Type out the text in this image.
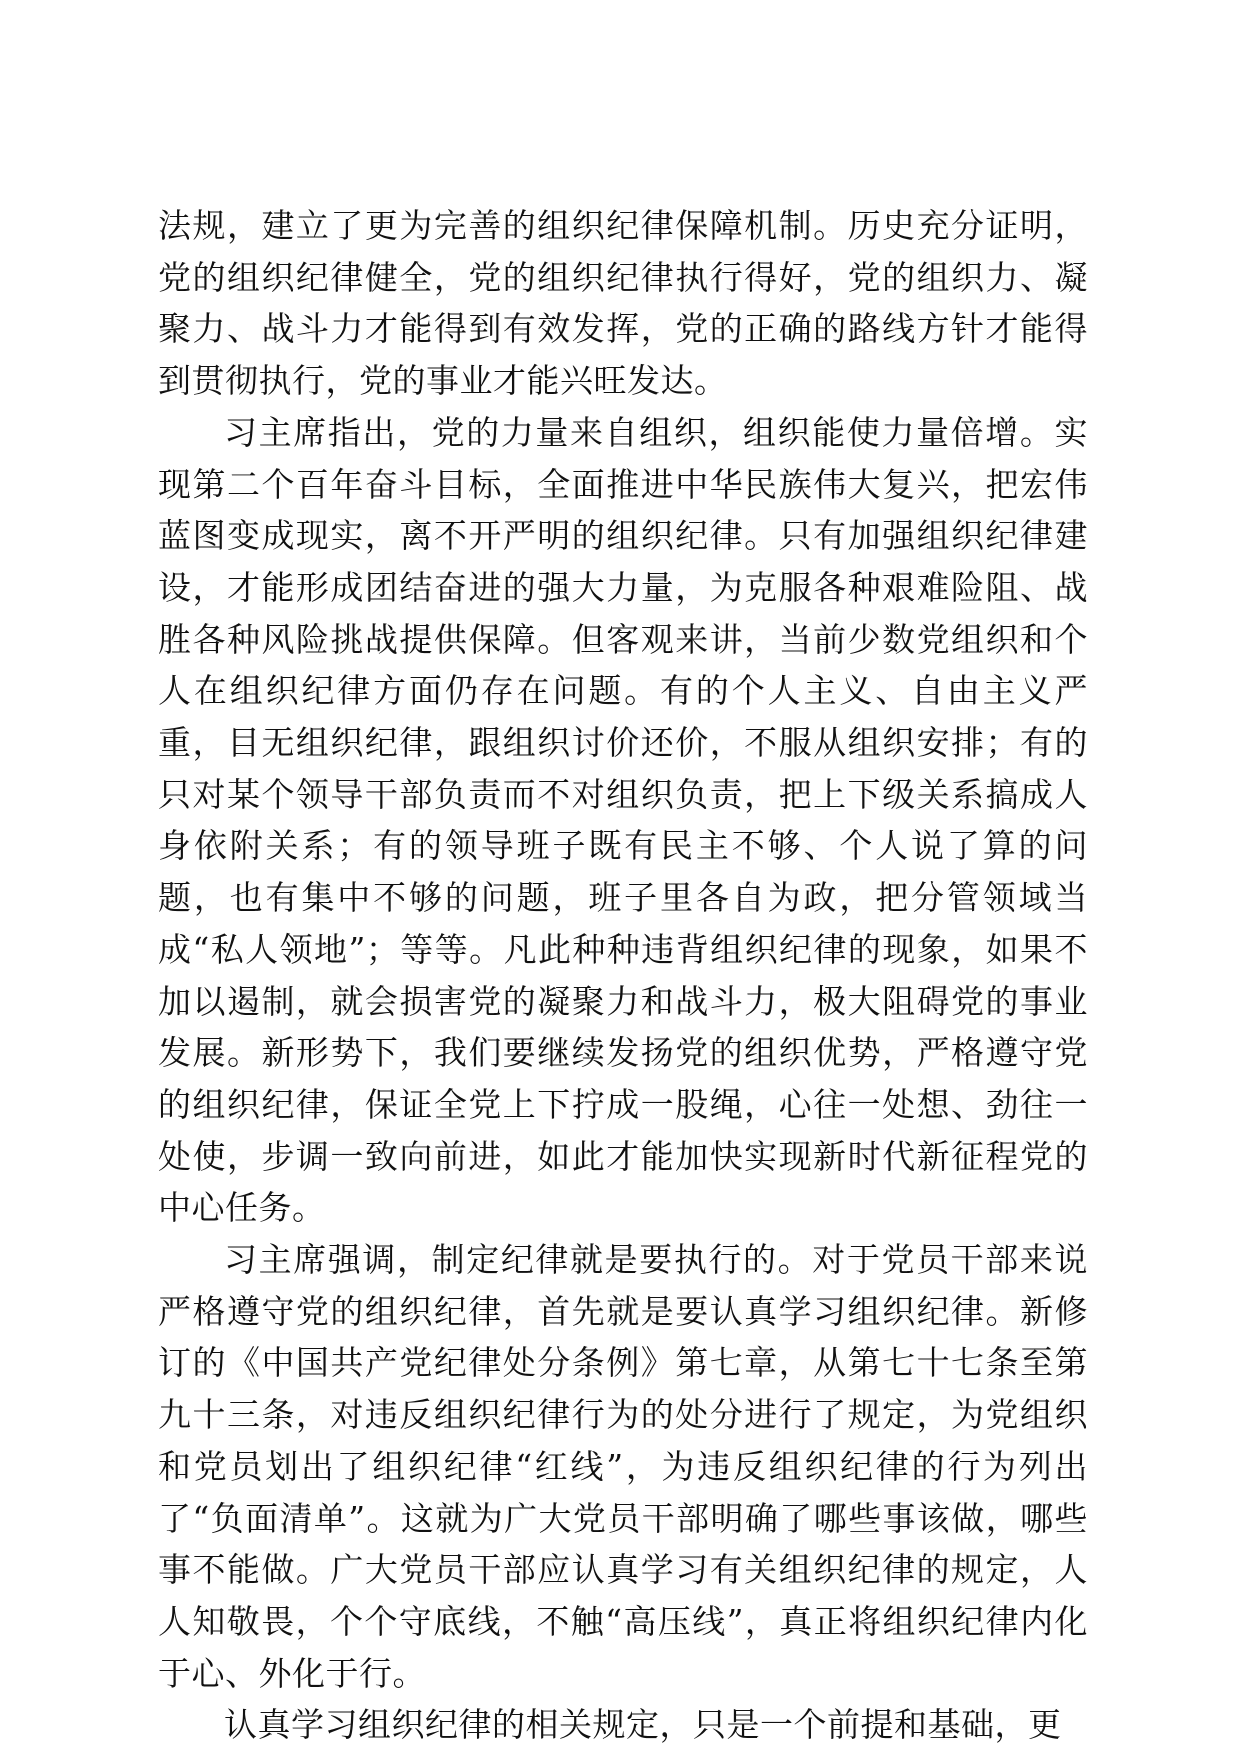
法规，建立了更为完善的组织纪律保障机制。历史充分证明，党的组织纪律健全，党的组织纪律执行得好，党的组织力、凝聚力、战斗力才能得到有效发挥，党的正确的路线方针才能得到贯彻执行，党的事业才能兴旺发达。

习主席指出，党的力量来自组织，组织能使力量倍增。实现第二个百年奋斗目标，全面推进中华民族伟大复兴，把宏伟蓝图变成现实，离不开严明的组织纪律。只有加强组织纪律建设，才能形成团结奋进的强大力量，为克服各种艰难险阻、战胜各种风险挑战提供保障。但客观来讲，当前少数党组织和个人在组织纪律方面仍存在问题。有的个人主义、自由主义严重，目无组织纪律，跟组织讨价还价，不服从组织安排；有的只对某个领导干部负责而不对组织负责，把上下级关系搞成人身依附关系；有的领导班子既有民主不够、个人说了算的问题，也有集中不够的问题，班子里各自为政，把分管领域当成“私人领地”；等等。凡此种种违背组织纪律的现象，如果不加以遏制，就会损害党的凝聚力和战斗力，极大阻碍党的事业发展。新形势下，我们要继续发扬党的组织优势，严格遵守党的组织纪律，保证全党上下拧成一股绳，心往一处想、劲往一处使，步调一致向前进，如此才能加快实现新时代新征程党的中心任务。

习主席强调，制定纪律就是要执行的。对于党员干部来说严格遵守党的组织纪律，首先就是要认真学习组织纪律。新修订的《中国共产党纪律处分条例》第七章，从第七十七条至第九十三条，对违反组织纪律行为的处分进行了规定，为党组织和党员划出了组织纪律“红线”，为违反组织纪律的行为列出了“负面清单”。这就为广大党员干部明确了哪些事该做，哪些事不能做。广大党员干部应认真学习有关组织纪律的规定，人人知敬畏，个个守底线，不触“高压线”，真正将组织纪律内化于心、外化于行。

认真学习组织纪律的相关规定，只是一个前提和基础，更
